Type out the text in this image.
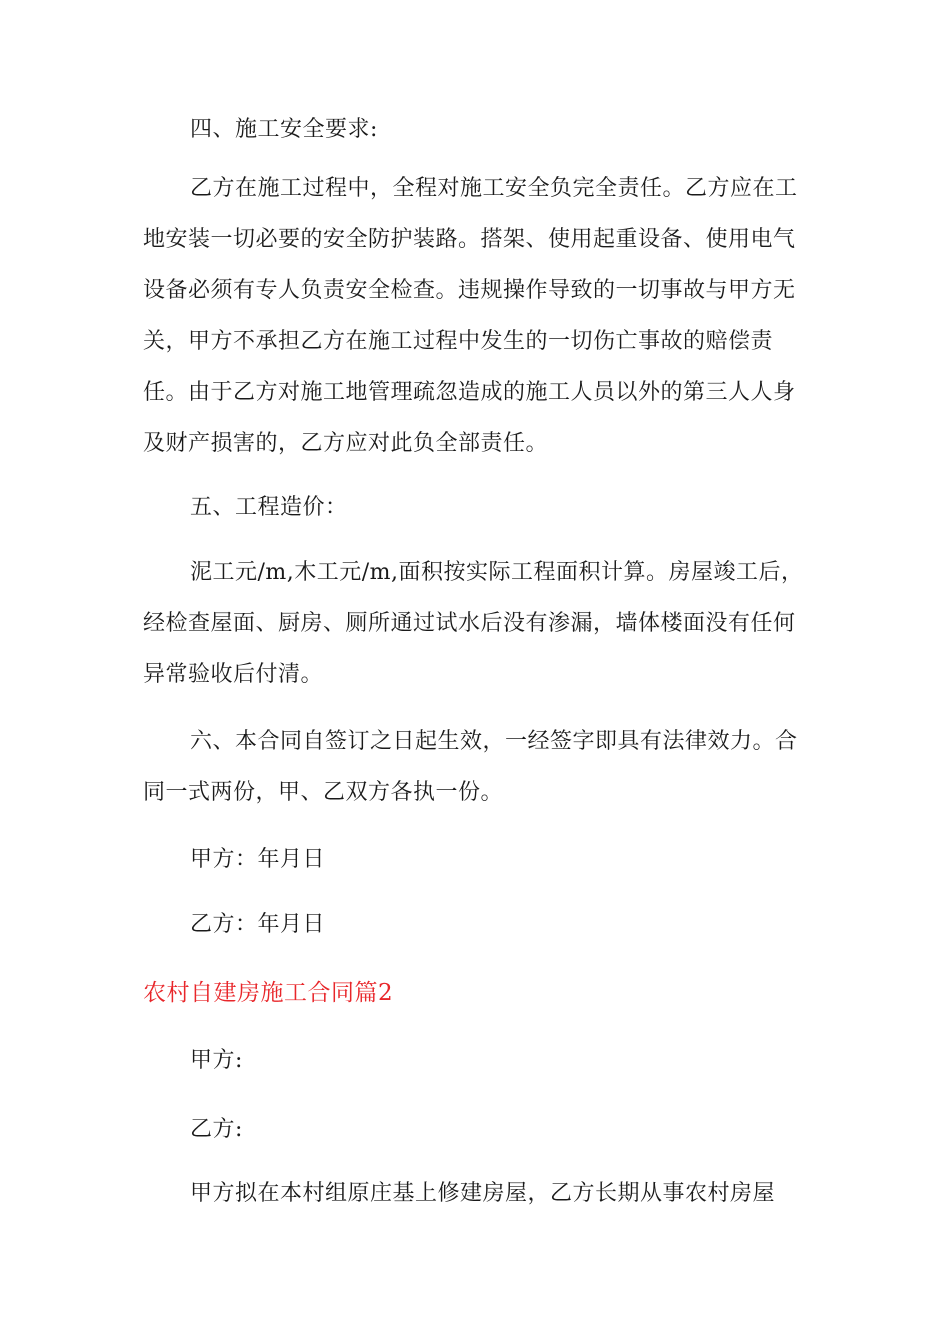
四、施工安全要求:

乙方在施工过程中，全程对施工安全负完全责任。乙方应在工地安装一切必要的安全防护装路。搭架、使用起重设备、使用电气设备必须有专人负责安全检查。违规操作导致的一切事故与甲方无关，甲方不承担乙方在施工过程中发生的一切伤亡事故的赔偿责任。由于乙方对施工地管理疏忽造成的施工人员以外的第三人人身及财产损害的，乙方应对此负全部责任。

五、工程造价：

泥工元/m,木工元/m,面积按实际工程面积计算。房屋竣工后，经检查屋面、厨房、厕所通过试水后没有渗漏，墙体楼面没有任何异常验收后付清。

六、本合同自签订之日起生效，一经签字即具有法律效力。合同一式两份，甲、乙双方各执一份。

甲方：年月日

乙方：年月日

农村自建房施工合同篇2

甲方:

乙方:

甲方拟在本村组原庄基上修建房屋，乙方长期从事农村房屋
